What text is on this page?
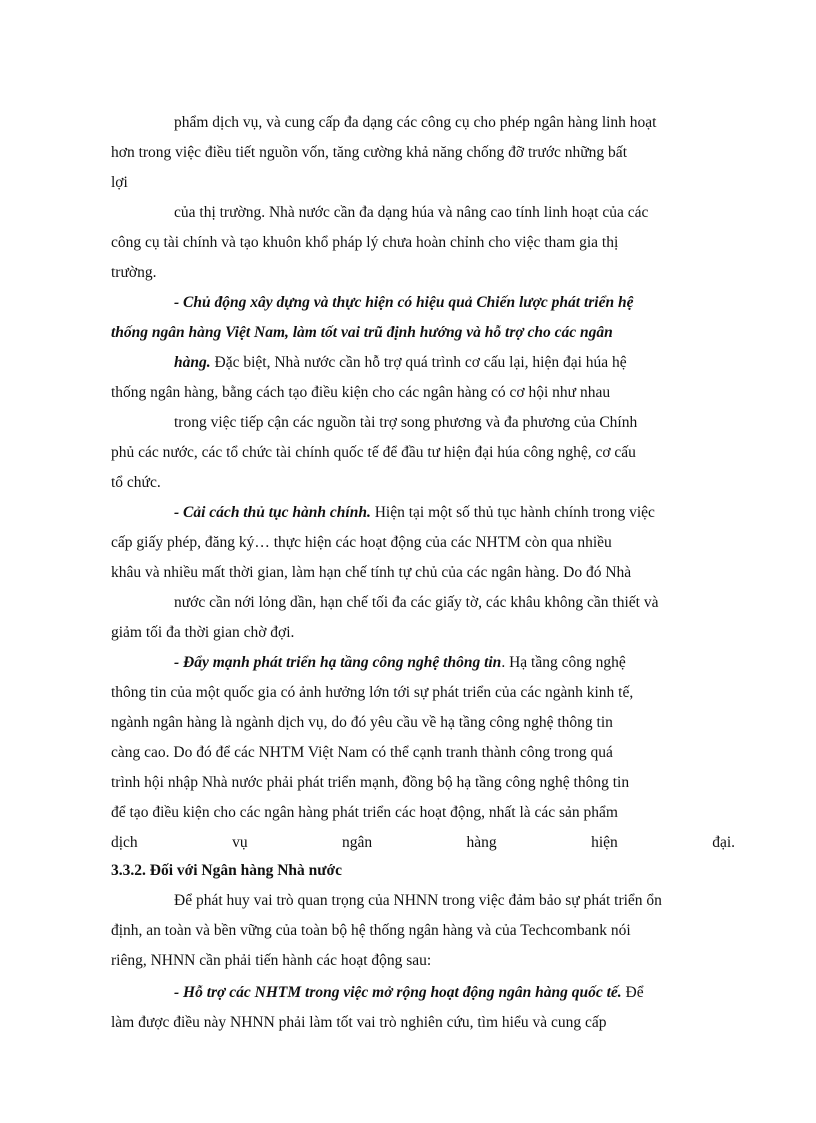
phẩm dịch vụ, và cung cấp đa dạng các công cụ cho phép ngân hàng linh hoạt
hơn trong việc điều tiết nguồn vốn, tăng cường khả năng chống đỡ trước những bất
lợi
của thị trường. Nhà nước cần đa dạng húa và nâng cao tính linh hoạt của các
công cụ tài chính và tạo khuôn khổ pháp lý chưa hoàn chỉnh cho việc tham gia thị
trường.
- Chủ động xây dựng và thực hiện có hiệu quả Chiến lược phát triển hệ
thống ngân hàng Việt Nam, làm tốt vai trũ định hướng và hỗ trợ cho các ngân
hàng. Đặc biệt, Nhà nước cần hỗ trợ quá trình cơ cấu lại, hiện đại húa hệ
thống ngân hàng, bằng cách tạo điều kiện cho các ngân hàng có cơ hội như nhau
trong việc tiếp cận các nguồn tài trợ song phương và đa phương của Chính
phủ các nước, các tổ chức tài chính quốc tế để đầu tư hiện đại húa công nghệ, cơ cấu
tổ chức.
- Cải cách thủ tục hành chính. Hiện tại một số thủ tục hành chính trong việc
cấp giấy phép, đăng ký… thực hiện các hoạt động của các NHTM còn qua nhiều
khâu và nhiều mất thời gian, làm hạn chế tính tự chủ của các ngân hàng. Do đó Nhà
nước cần nới lỏng dần, hạn chế tối đa các giấy tờ, các khâu không cần thiết và
giảm tối đa thời gian chờ đợi.
- Đẩy mạnh phát triển hạ tầng công nghệ thông tin. Hạ tầng công nghệ
thông tin của một quốc gia có ảnh hưởng lớn tới sự phát triển của các ngành kinh tế,
ngành ngân hàng là ngành dịch vụ, do đó yêu cầu về hạ tầng công nghệ thông tin
càng cao. Do đó để các NHTM Việt Nam có thể cạnh tranh thành công trong quá
trình hội nhập Nhà nước phải phát triển mạnh, đồng bộ hạ tầng công nghệ thông tin
để tạo điều kiện cho các ngân hàng phát triển các hoạt động, nhất là các sản phẩm
dịch	vụ	ngân	hàng	hiện	đại.
3.3.2. Đối với Ngân hàng Nhà nước
Để phát huy vai trò quan trọng của NHNN trong việc đảm bảo sự phát triển ổn
định, an toàn và bền vững của toàn bộ hệ thống ngân hàng và của Techcombank nói
riêng, NHNN cần phải tiến hành các hoạt động sau:
- Hỗ trợ các NHTM trong việc mở rộng hoạt động ngân hàng quốc tế. Để
làm được điều này NHNN phải làm tốt vai trò nghiên cứu, tìm hiểu và cung cấp
